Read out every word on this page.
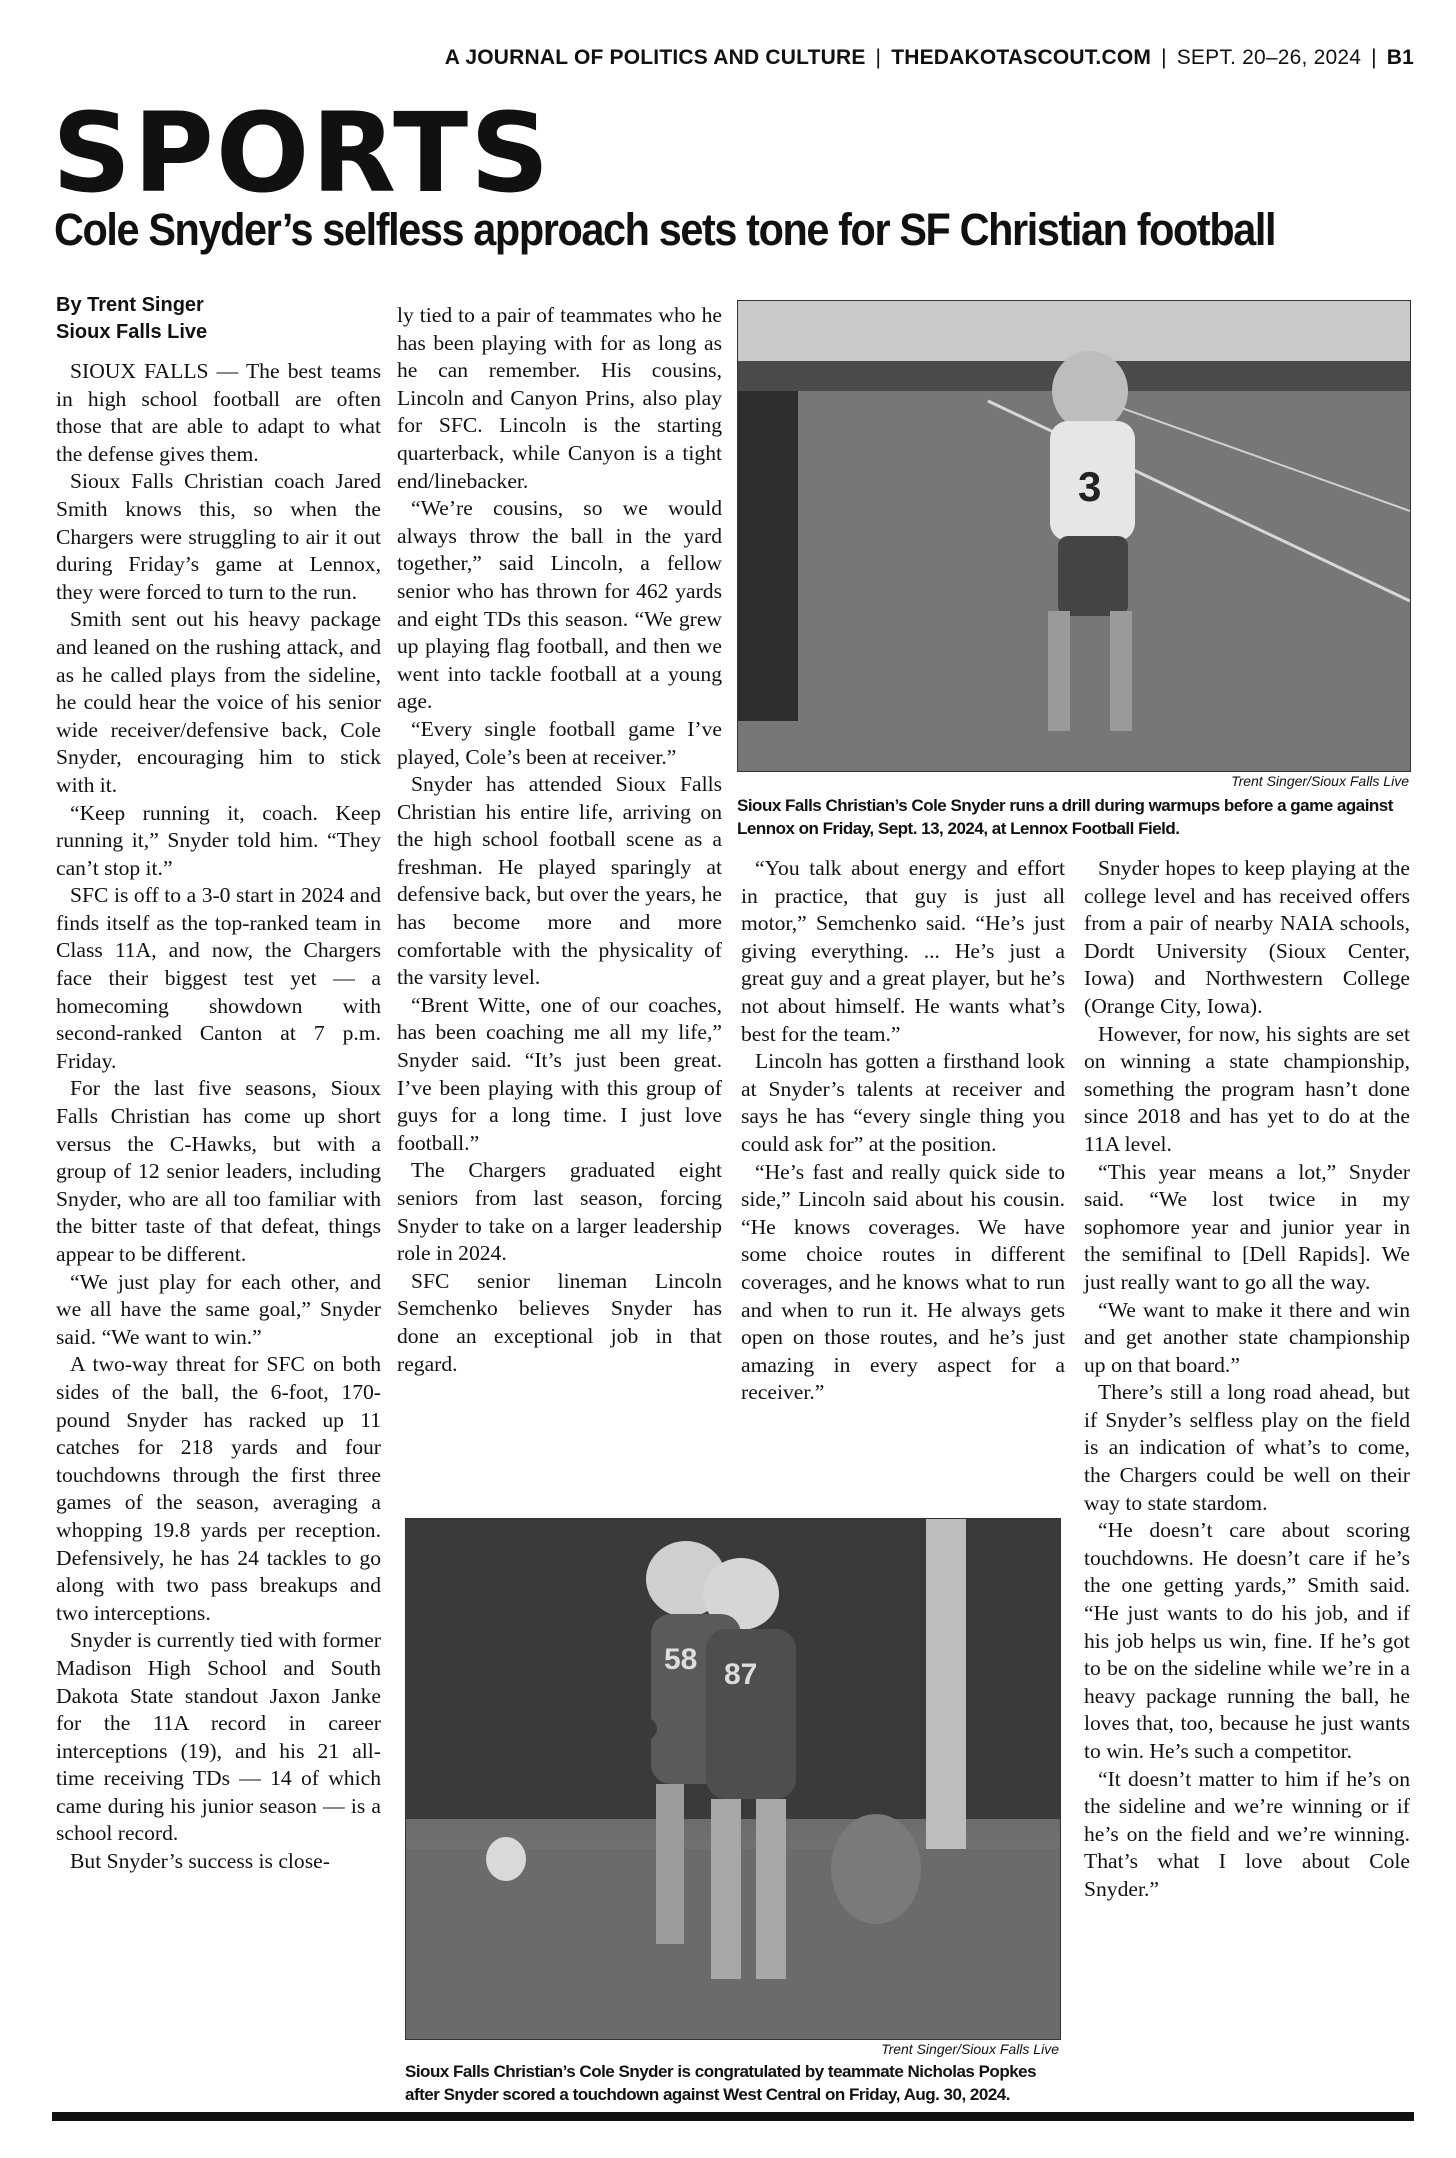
A JOURNAL OF POLITICS AND CULTURE | THEDAKOTASCOUT.COM | SEPT. 20–26, 2024 | B1
SPORTS
Cole Snyder’s selfless approach sets tone for SF Christian football
By Trent Singer
Sioux Falls Live

SIOUX FALLS — The best teams in high school football are often those that are able to adapt to what the defense gives them.

Sioux Falls Christian coach Jared Smith knows this, so when the Chargers were struggling to air it out during Friday’s game at Lennox, they were forced to turn to the run.

Smith sent out his heavy package and leaned on the rushing attack, and as he called plays from the sideline, he could hear the voice of his senior wide receiver/defensive back, Cole Snyder, encouraging him to stick with it.

“Keep running it, coach. Keep running it,” Snyder told him. “They can’t stop it.”

SFC is off to a 3-0 start in 2024 and finds itself as the top-ranked team in Class 11A, and now, the Chargers face their biggest test yet — a homecoming showdown with second-ranked Canton at 7 p.m. Friday.

For the last five seasons, Sioux Falls Christian has come up short versus the C-Hawks, but with a group of 12 senior leaders, including Snyder, who are all too familiar with the bitter taste of that defeat, things appear to be different.

“We just play for each other, and we all have the same goal,” Snyder said. “We want to win.”

A two-way threat for SFC on both sides of the ball, the 6-foot, 170-pound Snyder has racked up 11 catches for 218 yards and four touchdowns through the first three games of the season, averaging a whopping 19.8 yards per reception. Defensively, he has 24 tackles to go along with two pass breakups and two interceptions.

Snyder is currently tied with former Madison High School and South Dakota State standout Jaxon Janke for the 11A record in career interceptions (19), and his 21 all-time receiving TDs — 14 of which came during his junior season — is a school record.

But Snyder’s success is close-

ly tied to a pair of teammates who he has been playing with for as long as he can remember. His cousins, Lincoln and Canyon Prins, also play for SFC. Lincoln is the starting quarterback, while Canyon is a tight end/linebacker.

“We’re cousins, so we would always throw the ball in the yard together,” said Lincoln, a fellow senior who has thrown for 462 yards and eight TDs this season. “We grew up playing flag football, and then we went into tackle football at a young age.

“Every single football game I’ve played, Cole’s been at receiver.”

Snyder has attended Sioux Falls Christian his entire life, arriving on the high school football scene as a freshman. He played sparingly at defensive back, but over the years, he has become more and more comfortable with the physicality of the varsity level.

“Brent Witte, one of our coaches, has been coaching me all my life,” Snyder said. “It’s just been great. I’ve been playing with this group of guys for a long time. I just love football.”

The Chargers graduated eight seniors from last season, forcing Snyder to take on a larger leadership role in 2024.

SFC senior lineman Lincoln Semchenko believes Snyder has done an exceptional job in that regard.

3
Trent Singer/Sioux Falls Live
Sioux Falls Christian’s Cole Snyder runs a drill during warmups before a game against Lennox on Friday, Sept. 13, 2024, at Lennox Football Field.

“You talk about energy and effort in practice, that guy is just all motor,” Semchenko said. “He’s just giving everything. ... He’s just a great guy and a great player, but he’s not about himself. He wants what’s best for the team.”

Lincoln has gotten a firsthand look at Snyder’s talents at receiver and says he has “every single thing you could ask for” at the position.

“He’s fast and really quick side to side,” Lincoln said about his cousin. “He knows coverages. We have some choice routes in different coverages, and he knows what to run and when to run it. He always gets open on those routes, and he’s just amazing in every aspect for a receiver.”

Snyder hopes to keep playing at the college level and has received offers from a pair of nearby NAIA schools, Dordt University (Sioux Center, Iowa) and Northwestern College (Orange City, Iowa).

However, for now, his sights are set on winning a state championship, something the program hasn’t done since 2018 and has yet to do at the 11A level.

“This year means a lot,” Snyder said. “We lost twice in my sophomore year and junior year in the semifinal to [Dell Rapids]. We just really want to go all the way.

“We want to make it there and win and get another state championship up on that board.”

There’s still a long road ahead, but if Snyder’s selfless play on the field is an indication of what’s to come, the Chargers could be well on their way to state stardom.

“He doesn’t care about scoring touchdowns. He doesn’t care if he’s the one getting yards,” Smith said. “He just wants to do his job, and if his job helps us win, fine. If he’s got to be on the sideline while we’re in a heavy package running the ball, he loves that, too, because he just wants to win. He’s such a competitor.

“It doesn’t matter to him if he’s on the sideline and we’re winning or if he’s on the field and we’re winning. That’s what I love about Cole Snyder.”

58 87
Trent Singer/Sioux Falls Live
Sioux Falls Christian’s Cole Snyder is congratulated by teammate Nicholas Popkes after Snyder scored a touchdown against West Central on Friday, Aug. 30, 2024.
